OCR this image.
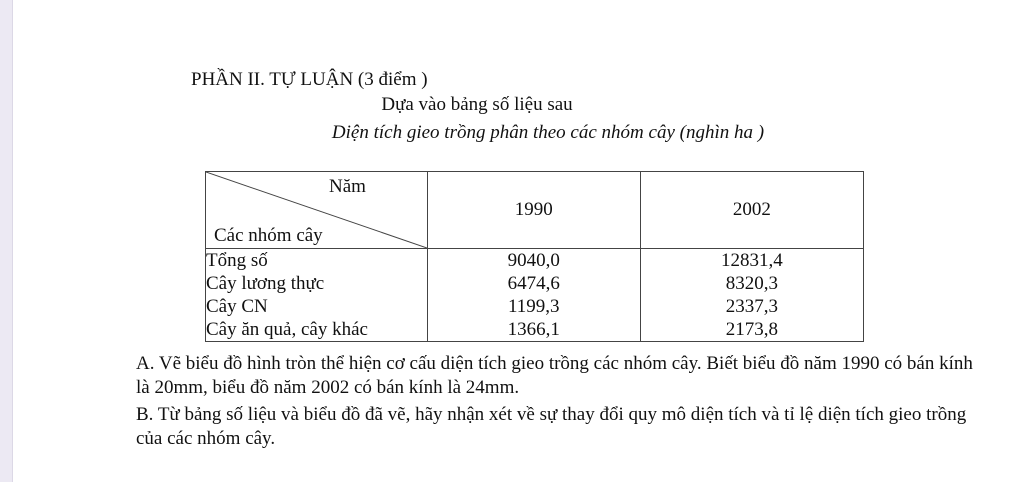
PHẦN II. TỰ LUẬN (3 điểm )
Dựa vào bảng số liệu sau
Diện tích gieo trồng phân theo các nhóm cây (nghìn ha )
Năm
Các nhóm cây	1990	2002
Tổng số	9040,0	12831,4
Cây lương thực	6474,6	8320,3
Cây CN	1199,3	2337,3
Cây ăn quả, cây khác	1366,1	2173,8
A. Vẽ biểu đồ hình tròn thể hiện cơ cấu diện tích gieo trồng các nhóm cây. Biết biểu đồ năm 1990 có bán kính là 20mm, biểu đồ năm 2002 có bán kính là 24mm.
B. Từ bảng số liệu và biểu đồ đã vẽ, hãy nhận xét về sự thay đổi quy mô diện tích và tỉ lệ diện tích gieo trồng của các nhóm cây.
